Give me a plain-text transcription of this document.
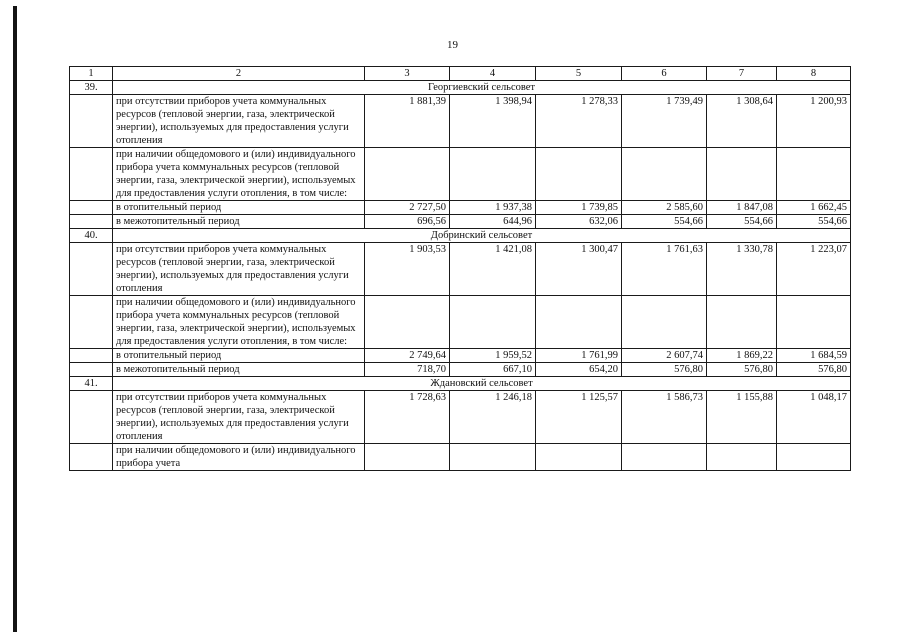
19
1	2	3	4	5	6	7	8
39.	Георгиевский сельсовет						
	при отсутствии приборов учета коммунальных ресурсов (тепловой энергии, газа, электрической энергии), используемых для предоставления услуги отопления	1 881,39	1 398,94	1 278,33	1 739,49	1 308,64	1 200,93
	при наличии общедомового и (или) индивидуального прибора учета коммунальных ресурсов (тепловой энергии, газа, электрической энергии), используемых для предоставления услуги отопления, в том числе:						
	в отопительный период	2 727,50	1 937,38	1 739,85	2 585,60	1 847,08	1 662,45
	в межотопительный период	696,56	644,96	632,06	554,66	554,66	554,66
40.	Добринский сельсовет						
	при отсутствии приборов учета коммунальных ресурсов (тепловой энергии, газа, электрической энергии), используемых для предоставления услуги отопления	1 903,53	1 421,08	1 300,47	1 761,63	1 330,78	1 223,07
	при наличии общедомового и (или) индивидуального прибора учета коммунальных ресурсов (тепловой энергии, газа, электрической энергии), используемых для предоставления услуги отопления, в том числе:						
	в отопительный период	2 749,64	1 959,52	1 761,99	2 607,74	1 869,22	1 684,59
	в межотопительный период	718,70	667,10	654,20	576,80	576,80	576,80
41.	Ждановский сельсовет						
	при отсутствии приборов учета коммунальных ресурсов (тепловой энергии, газа, электрической энергии), используемых для предоставления услуги отопления	1 728,63	1 246,18	1 125,57	1 586,73	1 155,88	1 048,17
	при наличии общедомового и (или) индивидуального прибора учета						
